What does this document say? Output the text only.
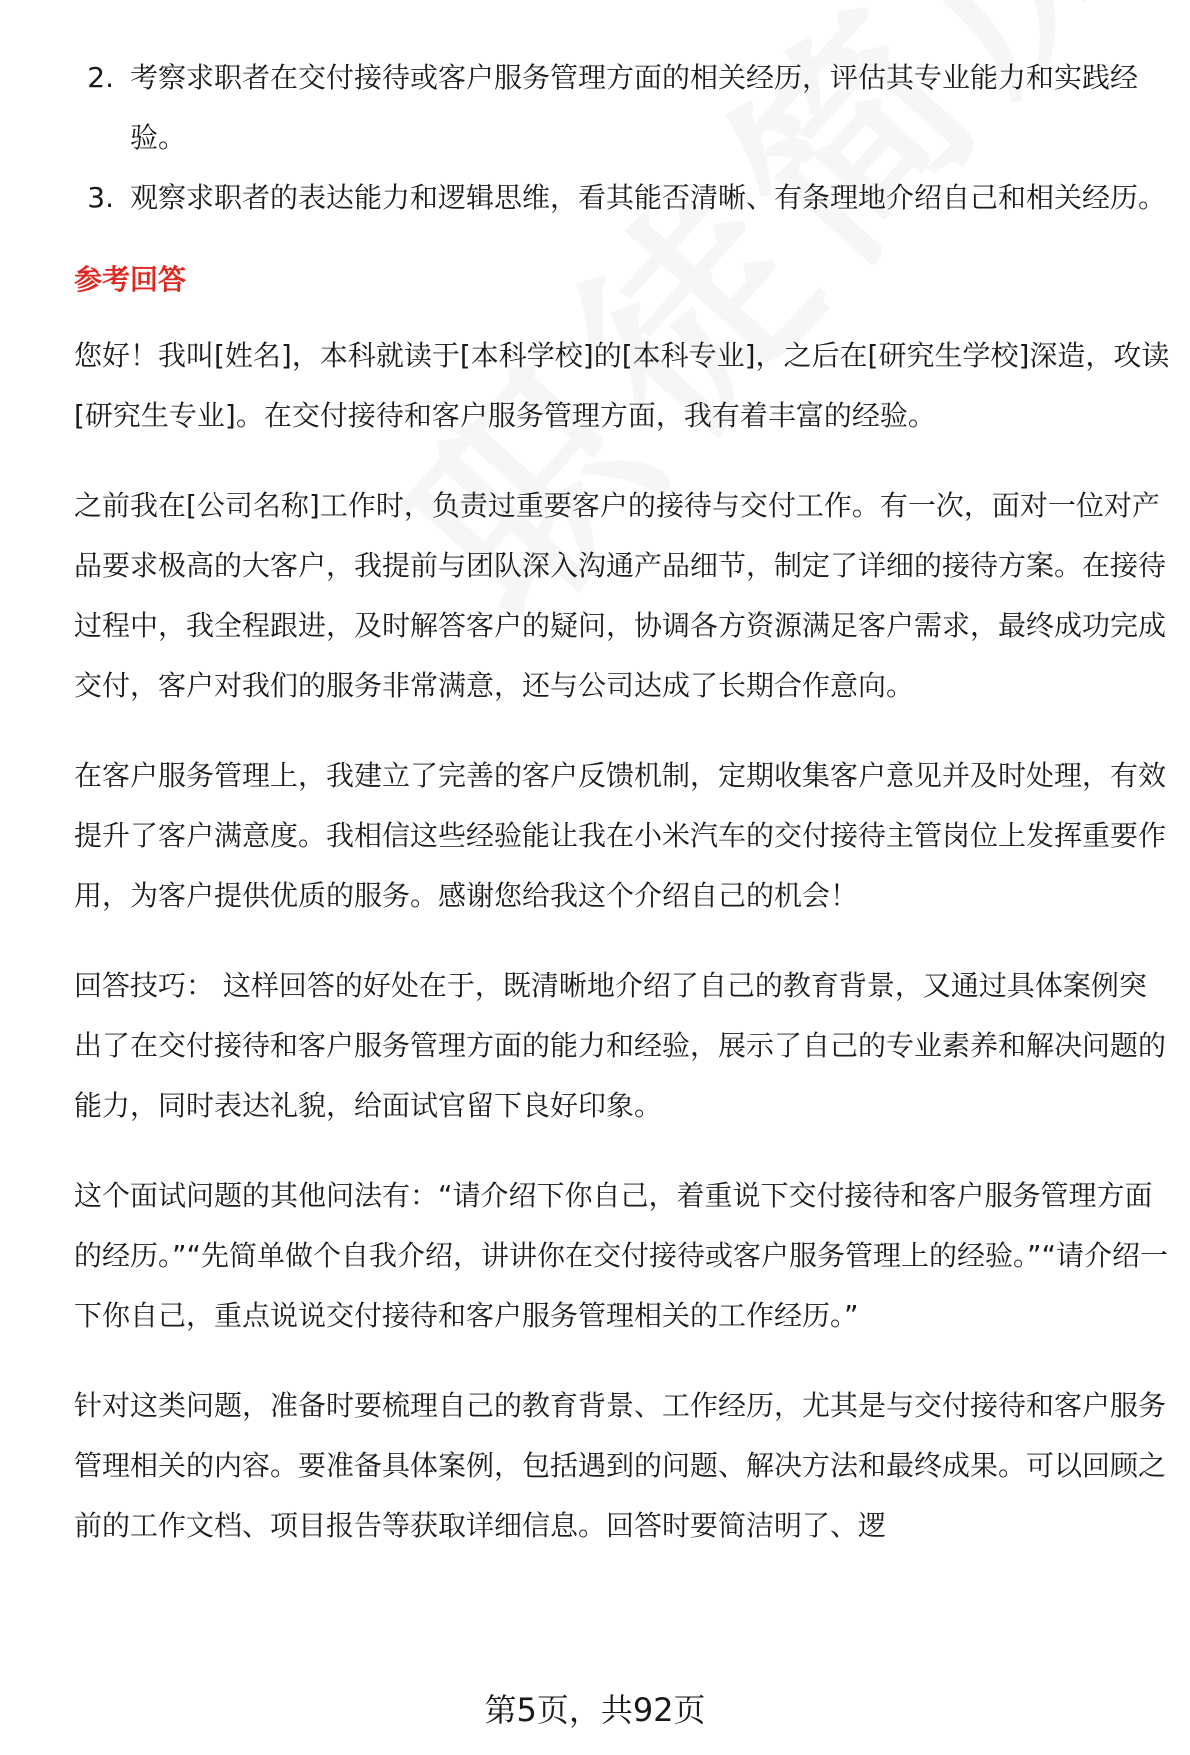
2. 考察求职者在交付接待或客户服务管理方面的相关经历，评估其专业能力和实践经验。
3. 观察求职者的表达能力和逻辑思维，看其能否清晰、有条理地介绍自己和相关经历。
参考回答

您好！我叫[姓名]，本科就读于[本科学校]的[本科专业]，之后在[研究生学校]深造，攻读[研究生专业]。在交付接待和客户服务管理方面，我有着丰富的经验。

之前我在[公司名称]工作时，负责过重要客户的接待与交付工作。有一次，面对一位对产品要求极高的大客户，我提前与团队深入沟通产品细节，制定了详细的接待方案。在接待过程中，我全程跟进，及时解答客户的疑问，协调各方资源满足客户需求，最终成功完成交付，客户对我们的服务非常满意，还与公司达成了长期合作意向。

在客户服务管理上，我建立了完善的客户反馈机制，定期收集客户意见并及时处理，有效提升了客户满意度。我相信这些经验能让我在小米汽车的交付接待主管岗位上发挥重要作用，为客户提供优质的服务。感谢您给我这个介绍自己的机会！

回答技巧： 这样回答的好处在于，既清晰地介绍了自己的教育背景，又通过具体案例突出了在交付接待和客户服务管理方面的能力和经验，展示了自己的专业素养和解决问题的能力，同时表达礼貌，给面试官留下良好印象。

这个面试问题的其他问法有：“请介绍下你自己，着重说下交付接待和客户服务管理方面的经历。”“先简单做个自我介绍，讲讲你在交付接待或客户服务管理上的经验。”“请介绍一下你自己，重点说说交付接待和客户服务管理相关的工作经历。”

针对这类问题，准备时要梳理自己的教育背景、工作经历，尤其是与交付接待和客户服务管理相关的内容。要准备具体案例，包括遇到的问题、解决方法和最终成果。可以回顾之前的工作文档、项目报告等获取详细信息。回答时要简洁明了、逻

第5页，共92页
